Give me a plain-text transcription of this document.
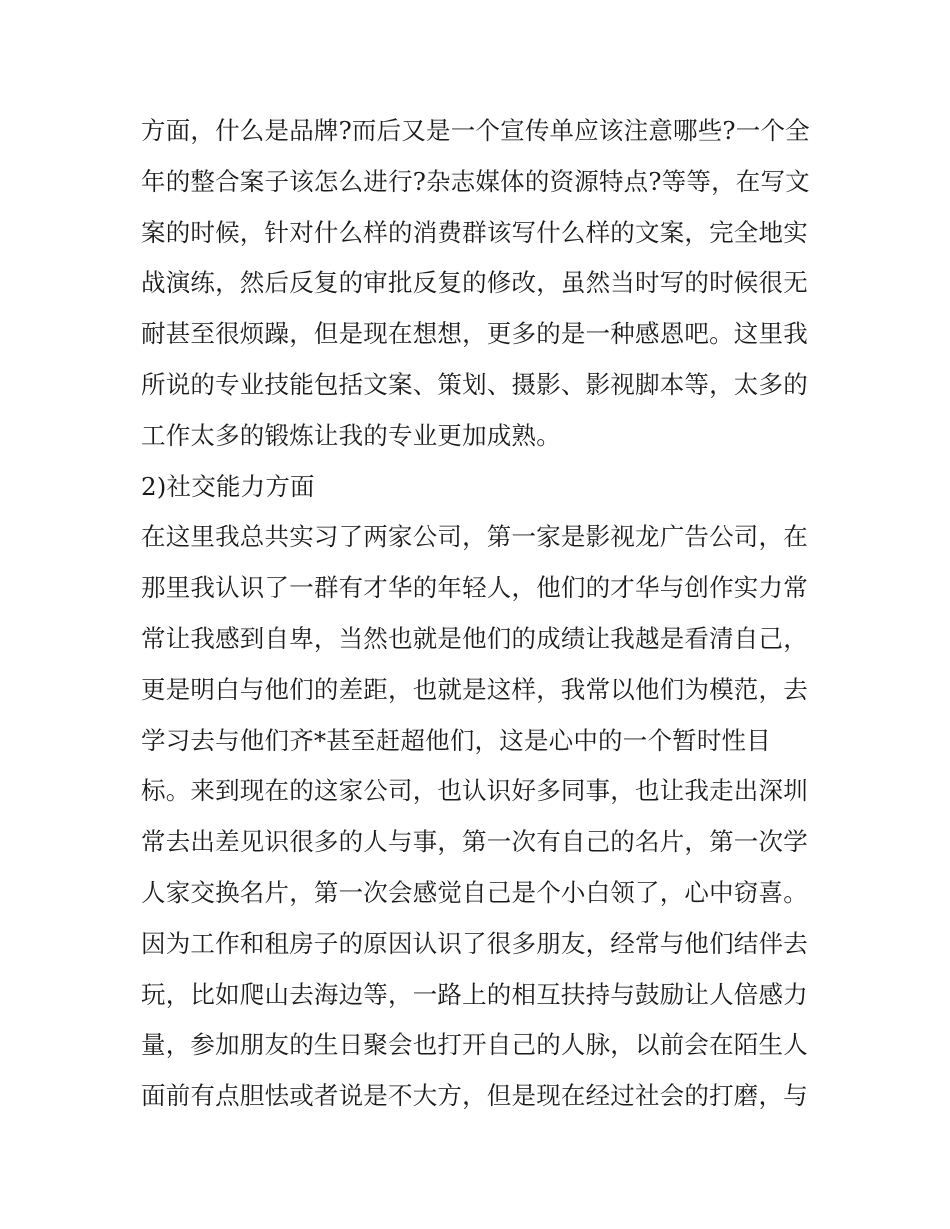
方面，什么是品牌?而后又是一个宣传单应该注意哪些?一个全
年的整合案子该怎么进行?杂志媒体的资源特点?等等，在写文
案的时候，针对什么样的消费群该写什么样的文案，完全地实
战演练，然后反复的审批反复的修改，虽然当时写的时候很无
耐甚至很烦躁，但是现在想想，更多的是一种感恩吧。这里我
所说的专业技能包括文案、策划、摄影、影视脚本等，太多的
工作太多的锻炼让我的专业更加成熟。
2)社交能力方面
在这里我总共实习了两家公司，第一家是影视龙广告公司，在
那里我认识了一群有才华的年轻人，他们的才华与创作实力常
常让我感到自卑，当然也就是他们的成绩让我越是看清自己，
更是明白与他们的差距，也就是这样，我常以他们为模范，去
学习去与他们齐*甚至赶超他们，这是心中的一个暂时性目
标。来到现在的这家公司，也认识好多同事，也让我走出深圳
常去出差见识很多的人与事，第一次有自己的名片，第一次学
人家交换名片，第一次会感觉自己是个小白领了，心中窃喜。
因为工作和租房子的原因认识了很多朋友，经常与他们结伴去
玩，比如爬山去海边等，一路上的相互扶持与鼓励让人倍感力
量，参加朋友的生日聚会也打开自己的人脉，以前会在陌生人
面前有点胆怯或者说是不大方，但是现在经过社会的打磨，与
